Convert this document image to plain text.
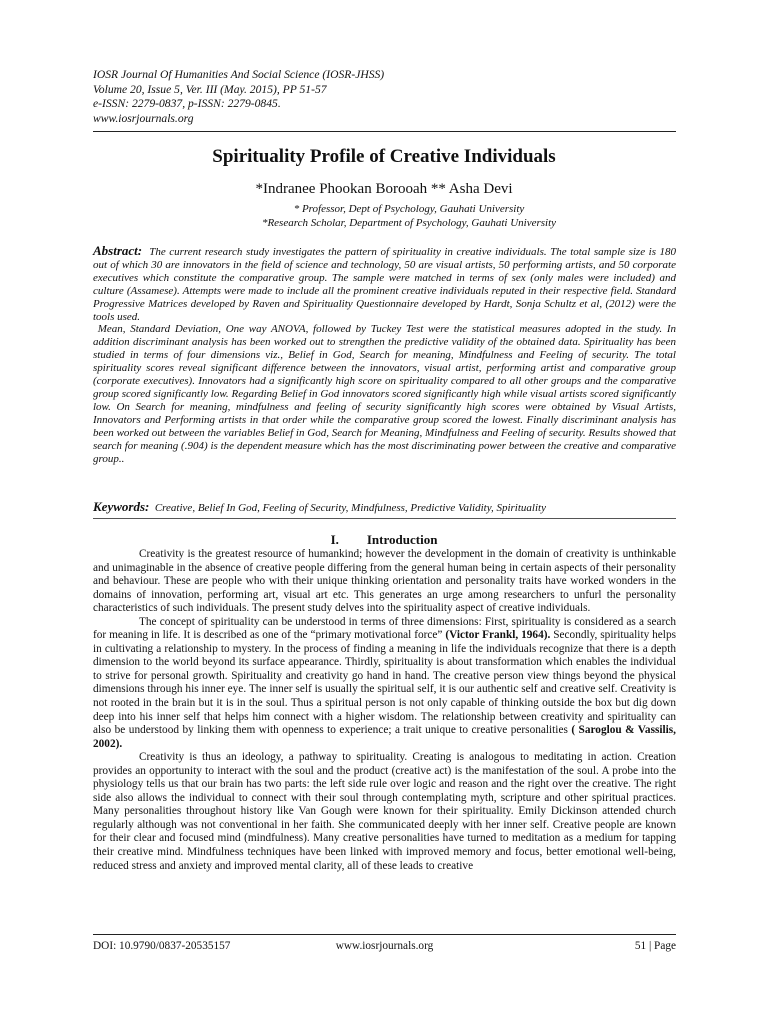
IOSR Journal Of Humanities And Social Science (IOSR-JHSS)
Volume 20, Issue 5, Ver. III (May. 2015), PP 51-57
e-ISSN: 2279-0837, p-ISSN: 2279-0845.
www.iosrjournals.org
Spirituality Profile of Creative Individuals
*Indranee Phookan Borooah ** Asha Devi
* Professor, Dept of Psychology, Gauhati University
*Research Scholar, Department of Psychology, Gauhati University

Abstract: The current research study investigates the pattern of spirituality in creative individuals. The total sample size is 180 out of which 30 are innovators in the field of science and technology, 50 are visual artists, 50 performing artists, and 50 corporate executives which constitute the comparative group. The sample were matched in terms of sex (only males were included) and culture (Assamese). Attempts were made to include all the prominent creative individuals reputed in their respective field. Standard Progressive Matrices developed by Raven and Spirituality Questionnaire developed by Hardt, Sonja Schultz et al, (2012) were the tools used.

Mean, Standard Deviation, One way ANOVA, followed by Tuckey Test were the statistical measures adopted in the study. In addition discriminant analysis has been worked out to strengthen the predictive validity of the obtained data. Spirituality has been studied in terms of four dimensions viz., Belief in God, Search for meaning, Mindfulness and Feeling of security. The total spirituality scores reveal significant difference between the innovators, visual artist, performing artist and comparative group (corporate executives). Innovators had a significantly high score on spirituality compared to all other groups and the comparative group scored significantly low. Regarding Belief in God innovators scored significantly high while visual artists scored significantly low. On Search for meaning, mindfulness and feeling of security significantly high scores were obtained by Visual Artists, Innovators and Performing artists in that order while the comparative group scored the lowest. Finally discriminant analysis has been worked out between the variables Belief in God, Search for Meaning, Mindfulness and Feeling of security. Results showed that search for meaning (.904) is the dependent measure which has the most discriminating power between the creative and comparative group..

Keywords: Creative, Belief In God, Feeling of Security, Mindfulness, Predictive Validity, Spirituality
I. Introduction

Creativity is the greatest resource of humankind; however the development in the domain of creativity is unthinkable and unimaginable in the absence of creative people differing from the general human being in certain aspects of their personality and behaviour. These are people who with their unique thinking orientation and personality traits have worked wonders in the domains of innovation, performing art, visual art etc. This generates an urge among researchers to unfurl the personality characteristics of such individuals. The present study delves into the spirituality aspect of creative individuals.

The concept of spirituality can be understood in terms of three dimensions: First, spirituality is considered as a search for meaning in life. It is described as one of the “primary motivational force” (Victor Frankl, 1964). Secondly, spirituality helps in cultivating a relationship to mystery. In the process of finding a meaning in life the individuals recognize that there is a depth dimension to the world beyond its surface appearance. Thirdly, spirituality is about transformation which enables the individual to strive for personal growth. Spirituality and creativity go hand in hand. The creative person view things beyond the physical dimensions through his inner eye. The inner self is usually the spiritual self, it is our authentic self and creative self. Creativity is not rooted in the brain but it is in the soul. Thus a spiritual person is not only capable of thinking outside the box but dig down deep into his inner self that helps him connect with a higher wisdom. The relationship between creativity and spirituality can also be understood by linking them with openness to experience; a trait unique to creative personalities ( Saroglou & Vassilis, 2002).

Creativity is thus an ideology, a pathway to spirituality. Creating is analogous to meditating in action. Creation provides an opportunity to interact with the soul and the product (creative act) is the manifestation of the soul. A probe into the physiology tells us that our brain has two parts: the left side rule over logic and reason and the right over the creative. The right side also allows the individual to connect with their soul through contemplating myth, scripture and other spiritual practices. Many personalities throughout history like Van Gough were known for their spirituality. Emily Dickinson attended church regularly although was not conventional in her faith. She communicated deeply with her inner self. Creative people are known for their clear and focused mind (mindfulness). Many creative personalities have turned to meditation as a medium for tapping their creative mind. Mindfulness techniques have been linked with improved memory and focus, better emotional well-being, reduced stress and anxiety and improved mental clarity, all of these leads to creative

DOI: 10.9790/0837-20535157	www.iosrjournals.org	51 | Page
